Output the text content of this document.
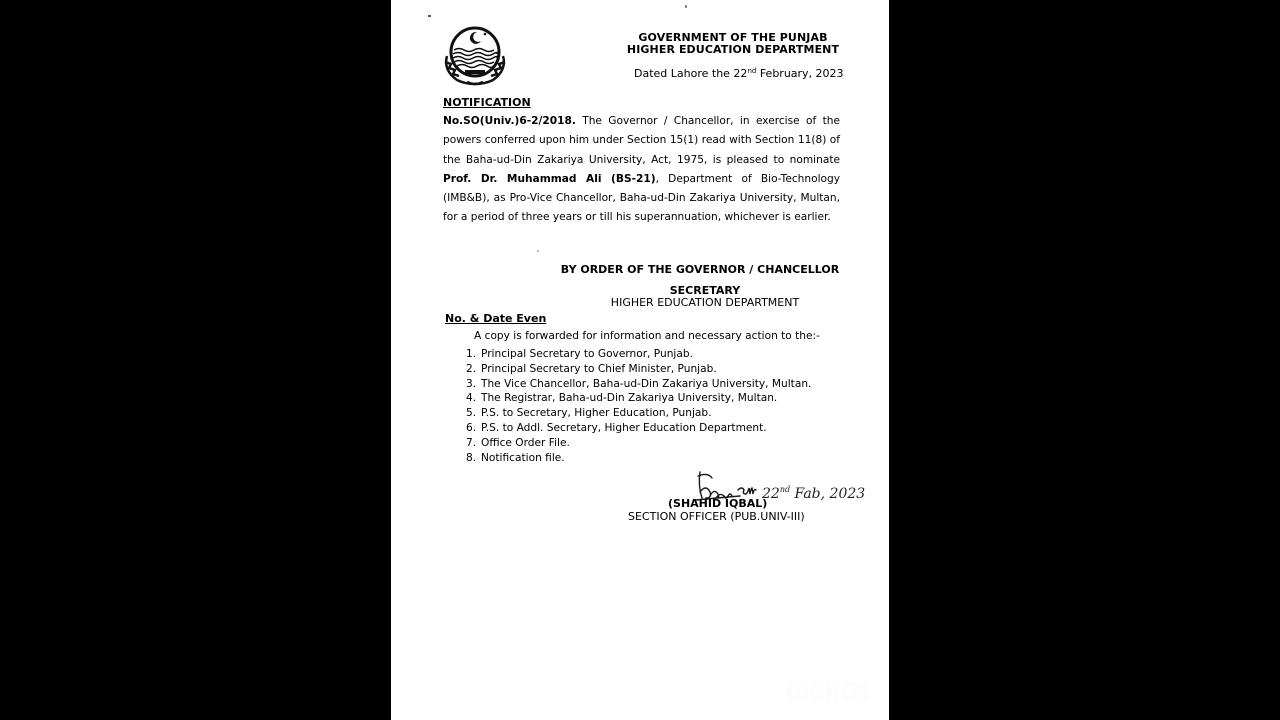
GOVERNMENT OF THE PUNJAB
HIGHER EDUCATION DEPARTMENT
Dated Lahore the 22nd February, 2023
NOTIFICATION
No.SO(Univ.)6-2/2018. The Governor / Chancellor, in exercise of the powers conferred upon him under Section 15(1) read with Section 11(8) of the Baha-ud-Din Zakariya University, Act, 1975, is pleased to nominate Prof. Dr. Muhammad Ali (BS-21), Department of Bio-Technology (IMB&B), as Pro-Vice Chancellor, Baha-ud-Din Zakariya University, Multan, for a period of three years or till his superannuation, whichever is earlier.
BY ORDER OF THE GOVERNOR / CHANCELLOR
SECRETARY
HIGHER EDUCATION DEPARTMENT
No. & Date Even
A copy is forwarded for information and necessary action to the:-
1. Principal Secretary to Governor, Punjab.
2. Principal Secretary to Chief Minister, Punjab.
3. The Vice Chancellor, Baha-ud-Din Zakariya University, Multan.
4. The Registrar, Baha-ud-Din Zakariya University, Multan.
5. P.S. to Secretary, Higher Education, Punjab.
6. P.S. to Addl. Secretary, Higher Education Department.
7. Office Order File.
8. Notification file.
22nd Fab, 2023
(SHAHID IQBAL)
SECTION OFFICER (PUB.UNIV-III)
InShOt
